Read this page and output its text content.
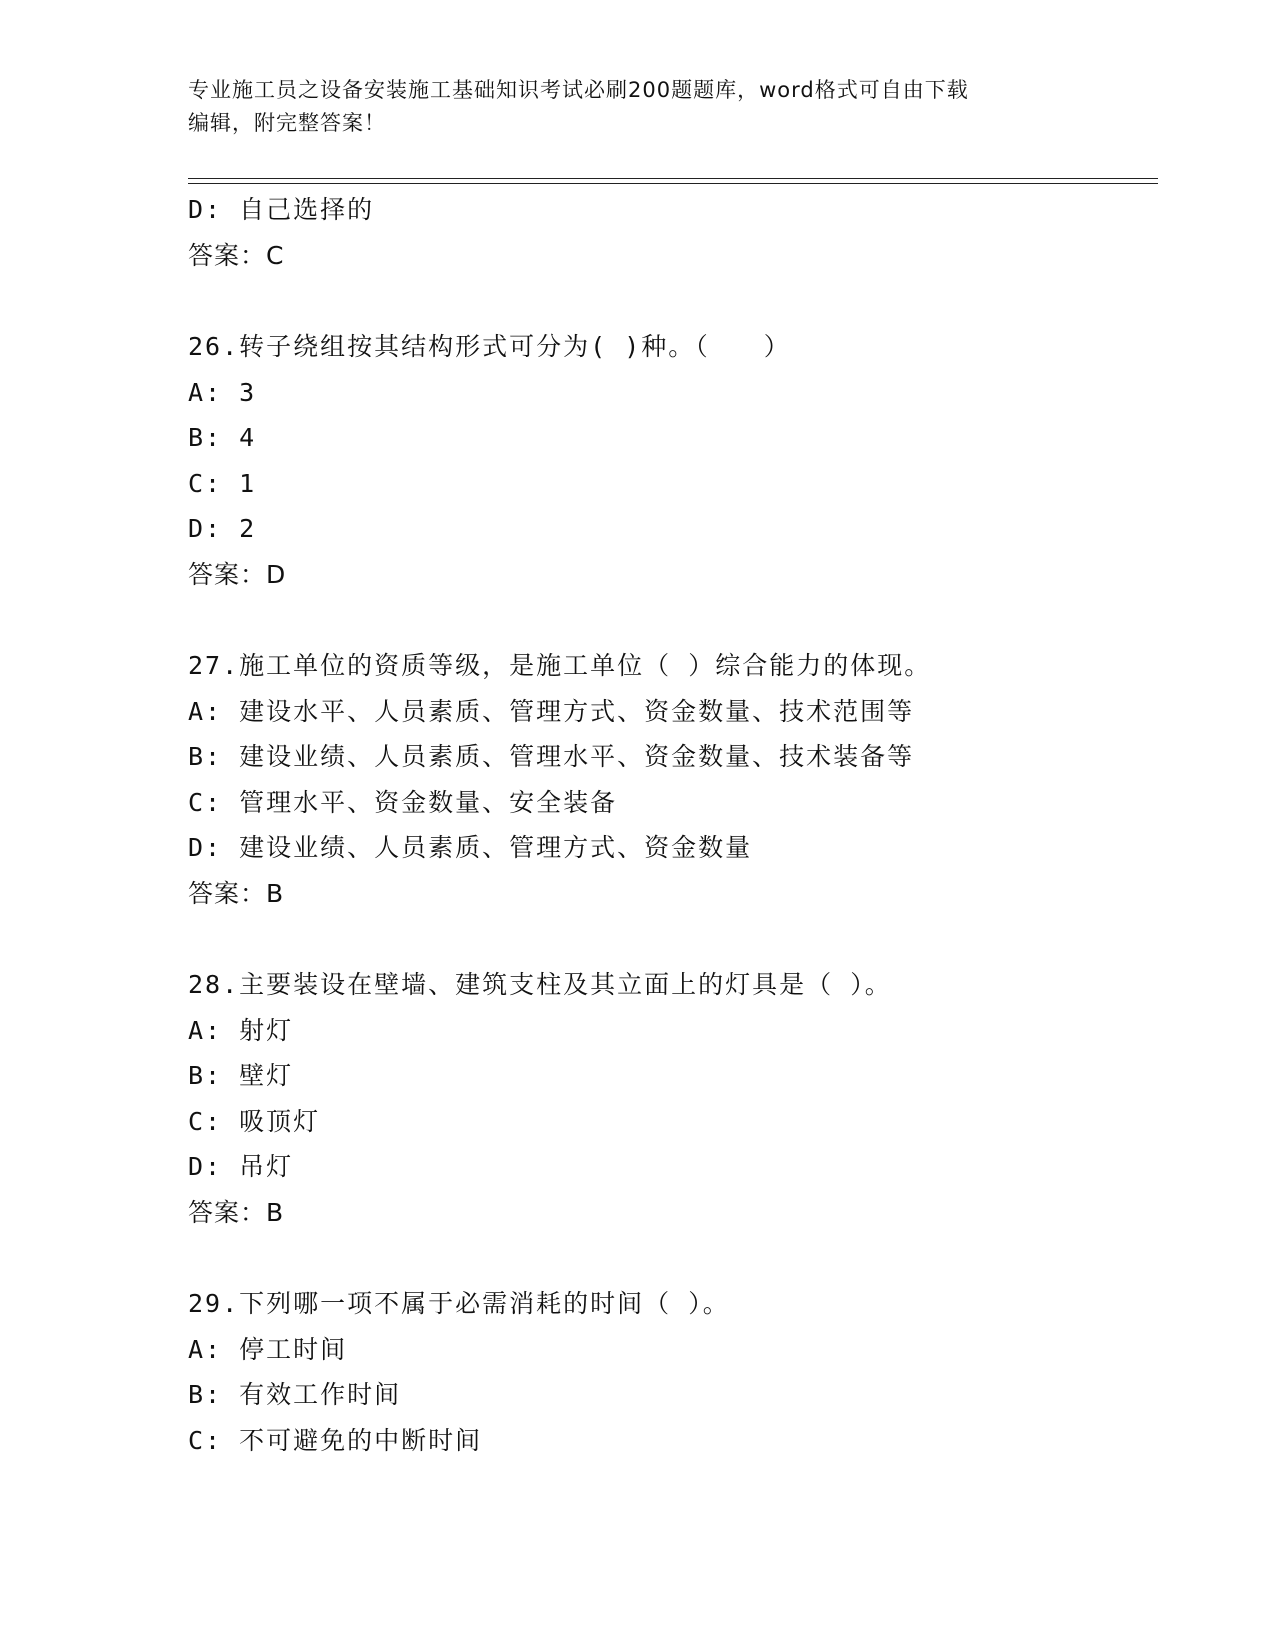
专业施工员之设备安装施工基础知识考试必刷200题题库，word格式可自由下载
编辑，附完整答案！
D: 自己选择的
答案：C
26.转子绕组按其结构形式可分为( )种。（　　）
A: 3
B: 4
C: 1
D: 2
答案：D
27.施工单位的资质等级，是施工单位（ ）综合能力的体现。
A: 建设水平、人员素质、管理方式、资金数量、技术范围等
B: 建设业绩、人员素质、管理水平、资金数量、技术装备等
C: 管理水平、资金数量、安全装备
D: 建设业绩、人员素质、管理方式、资金数量
答案：B
28.主要装设在壁墙、建筑支柱及其立面上的灯具是（ ）。
A: 射灯
B: 壁灯
C: 吸顶灯
D: 吊灯
答案：B
29.下列哪一项不属于必需消耗的时间（ ）。
A: 停工时间
B: 有效工作时间
C: 不可避免的中断时间
